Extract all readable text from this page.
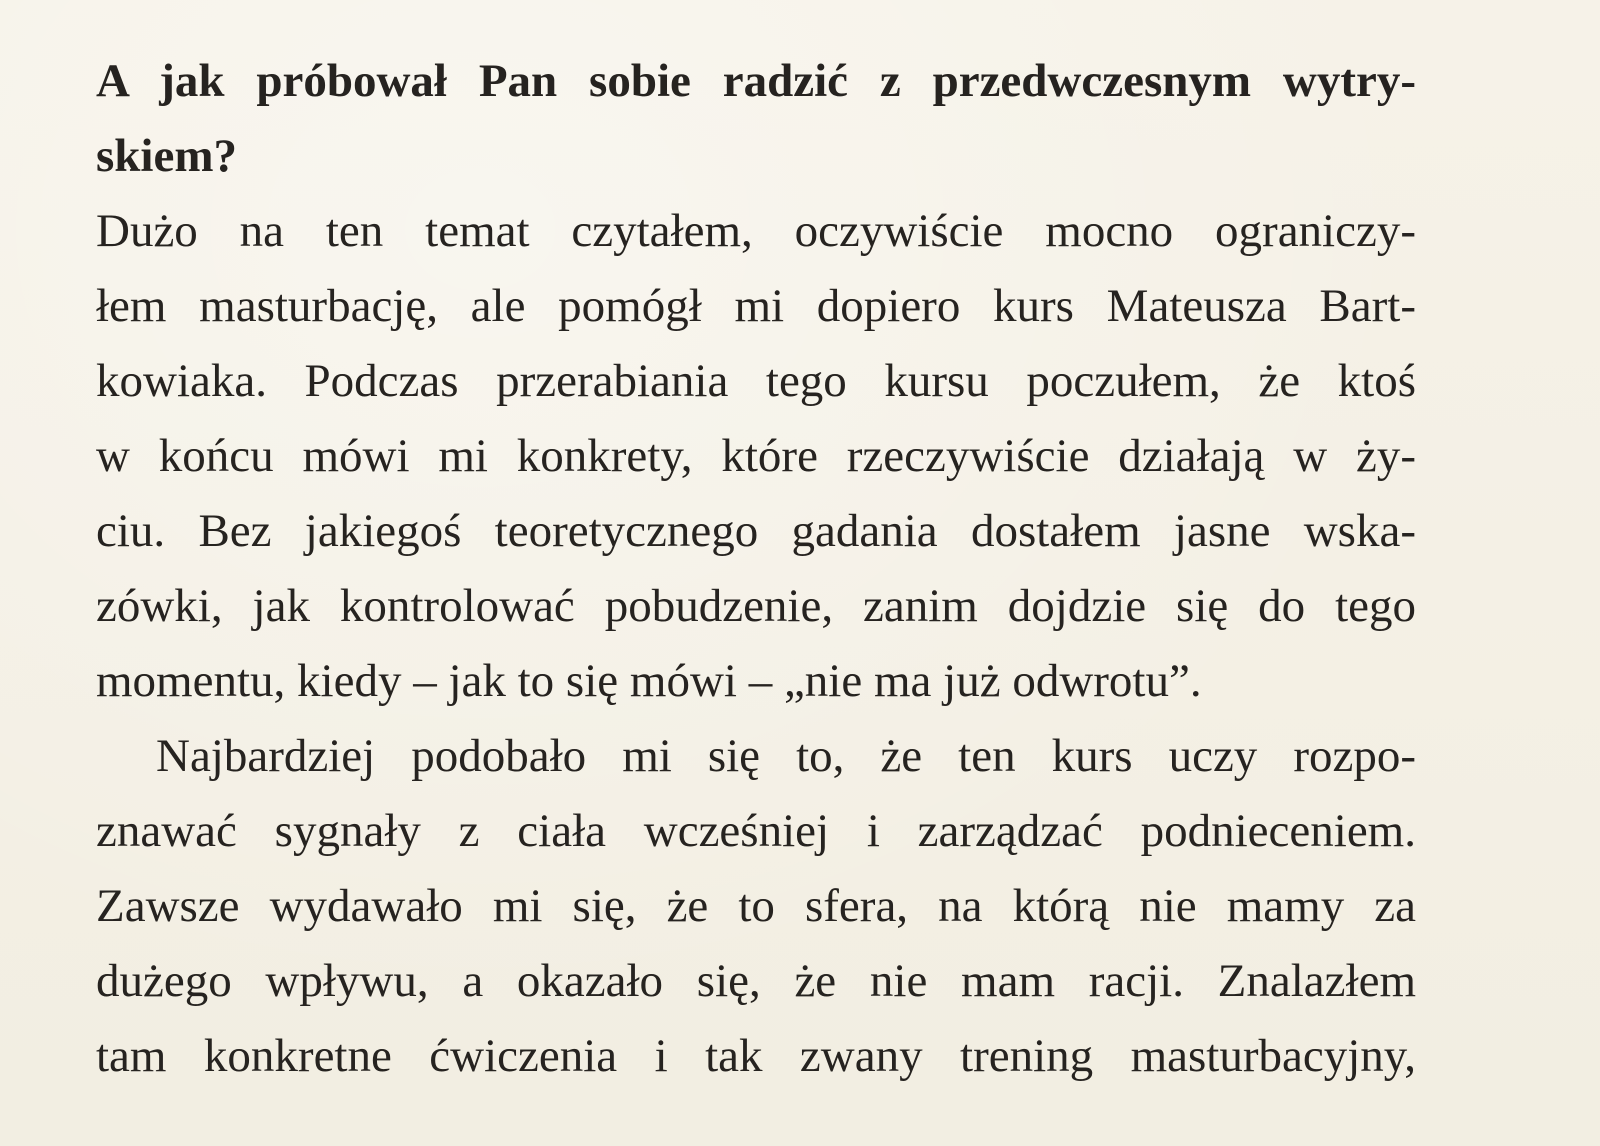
A jak próbował Pan sobie radzić z przedwczesnym wytry-
skiem?
Dużo na ten temat czytałem, oczywiście mocno ograniczy-
łem masturbację, ale pomógł mi dopiero kurs Mateusza Bart-
kowiaka. Podczas przerabiania tego kursu poczułem, że ktoś
w końcu mówi mi konkrety, które rzeczywiście działają w ży-
ciu. Bez jakiegoś teoretycznego gadania dostałem jasne wska-
zówki, jak kontrolować pobudzenie, zanim dojdzie się do tego
momentu, kiedy – jak to się mówi – „nie ma już odwrotu”.
Najbardziej podobało mi się to, że ten kurs uczy rozpo-
znawać sygnały z ciała wcześniej i zarządzać podnieceniem.
Zawsze wydawało mi się, że to sfera, na którą nie mamy za
dużego wpływu, a okazało się, że nie mam racji. Znalazłem
tam konkretne ćwiczenia i tak zwany trening masturbacyjny,
